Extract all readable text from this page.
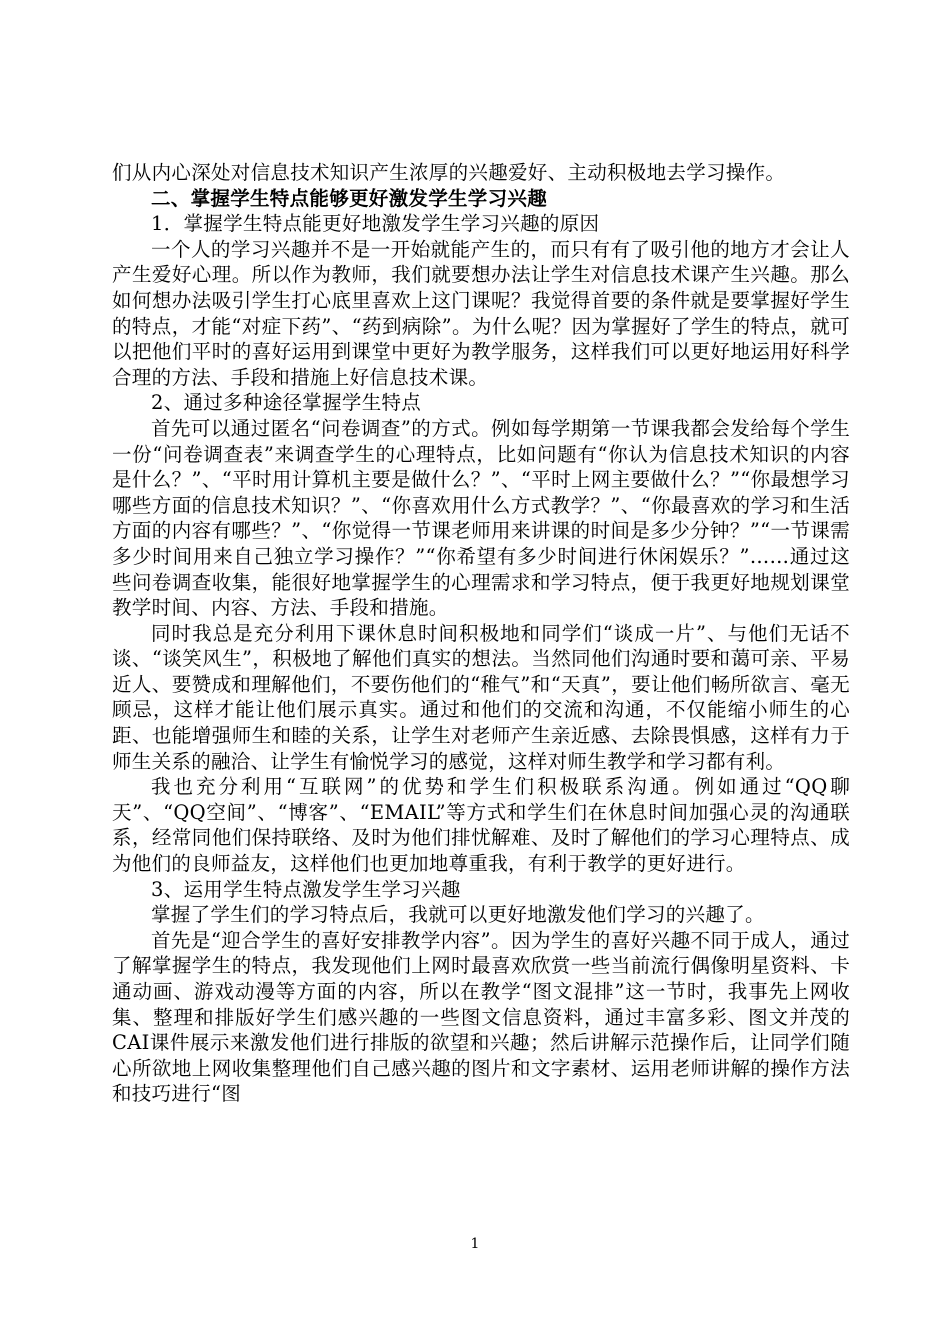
们从内心深处对信息技术知识产生浓厚的兴趣爱好、主动积极地去学习操作。

二、掌握学生特点能够更好激发学生学习兴趣

1．掌握学生特点能更好地激发学生学习兴趣的原因

一个人的学习兴趣并不是一开始就能产生的，而只有有了吸引他的地方才会让人产生爱好心理。所以作为教师，我们就要想办法让学生对信息技术课产生兴趣。那么如何想办法吸引学生打心底里喜欢上这门课呢？我觉得首要的条件就是要掌握好学生的特点，才能“对症下药”、“药到病除”。为什么呢？因为掌握好了学生的特点，就可以把他们平时的喜好运用到课堂中更好为教学服务，这样我们可以更好地运用好科学合理的方法、手段和措施上好信息技术课。

2、通过多种途径掌握学生特点

首先可以通过匿名“问卷调查”的方式。例如每学期第一节课我都会发给每个学生一份“问卷调查表”来调查学生的心理特点，比如问题有“你认为信息技术知识的内容是什么？”、“平时用计算机主要是做什么？”、“平时上网主要做什么？”“你最想学习哪些方面的信息技术知识？”、“你喜欢用什么方式教学？”、“你最喜欢的学习和生活方面的内容有哪些？”、“你觉得一节课老师用来讲课的时间是多少分钟？”“一节课需多少时间用来自己独立学习操作？”“你希望有多少时间进行休闲娱乐？”……通过这些问卷调查收集，能很好地掌握学生的心理需求和学习特点，便于我更好地规划课堂教学时间、内容、方法、手段和措施。

同时我总是充分利用下课休息时间积极地和同学们“谈成一片”、与他们无话不谈、“谈笑风生”，积极地了解他们真实的想法。当然同他们沟通时要和蔼可亲、平易近人、要赞成和理解他们，不要伤他们的“稚气”和“天真”，要让他们畅所欲言、毫无顾忌，这样才能让他们展示真实。通过和他们的交流和沟通，不仅能缩小师生的心距、也能增强师生和睦的关系，让学生对老师产生亲近感、去除畏惧感，这样有力于师生关系的融洽、让学生有愉悦学习的感觉，这样对师生教学和学习都有利。

我也充分利用“互联网”的优势和学生们积极联系沟通。例如通过“QQ聊天”、“QQ空间”、“博客”、“EMAIL”等方式和学生们在休息时间加强心灵的沟通联系，经常同他们保持联络、及时为他们排忧解难、及时了解他们的学习心理特点、成为他们的良师益友，这样他们也更加地尊重我，有利于教学的更好进行。

3、运用学生特点激发学生学习兴趣

掌握了学生们的学习特点后，我就可以更好地激发他们学习的兴趣了。

首先是“迎合学生的喜好安排教学内容”。因为学生的喜好兴趣不同于成人，通过了解掌握学生的特点，我发现他们上网时最喜欢欣赏一些当前流行偶像明星资料、卡通动画、游戏动漫等方面的内容，所以在教学“图文混排”这一节时，我事先上网收集、整理和排版好学生们感兴趣的一些图文信息资料，通过丰富多彩、图文并茂的CAI课件展示来激发他们进行排版的欲望和兴趣；然后讲解示范操作后，让同学们随心所欲地上网收集整理他们自己感兴趣的图片和文字素材、运用老师讲解的操作方法和技巧进行“图

1
